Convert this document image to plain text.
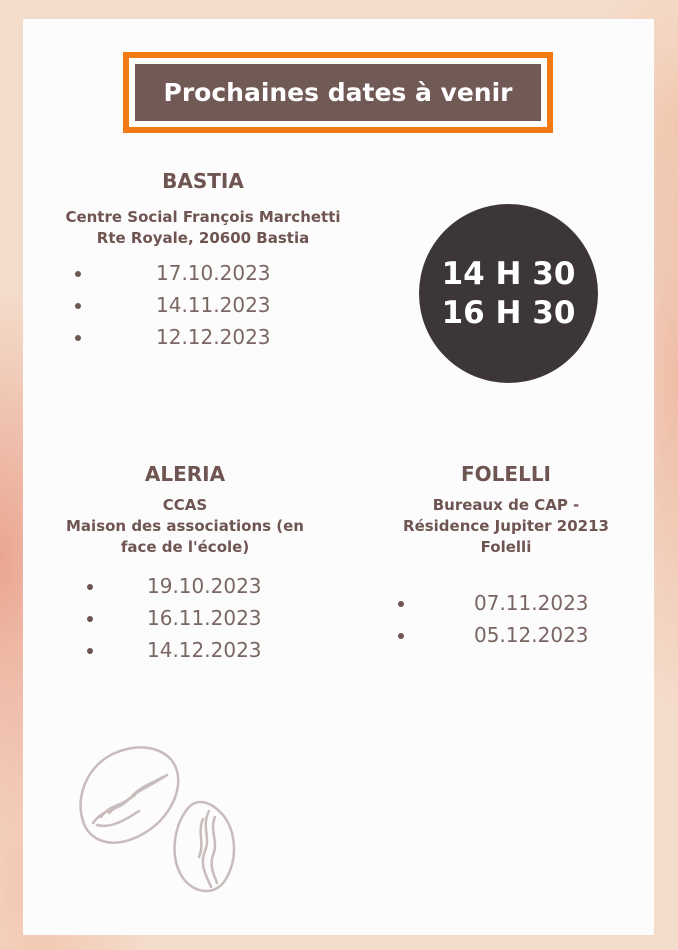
Prochaines dates à venir
BASTIA
Centre Social François Marchetti
Rte Royale, 20600 Bastia
17.10.2023
14.11.2023
12.12.2023
14 H 30
16 H 30
ALERIA
CCAS
Maison des associations (en
face de l'école)
19.10.2023
16.11.2023
14.12.2023
FOLELLI
Bureaux de CAP -
Résidence Jupiter 20213
Folelli
07.11.2023
05.12.2023
